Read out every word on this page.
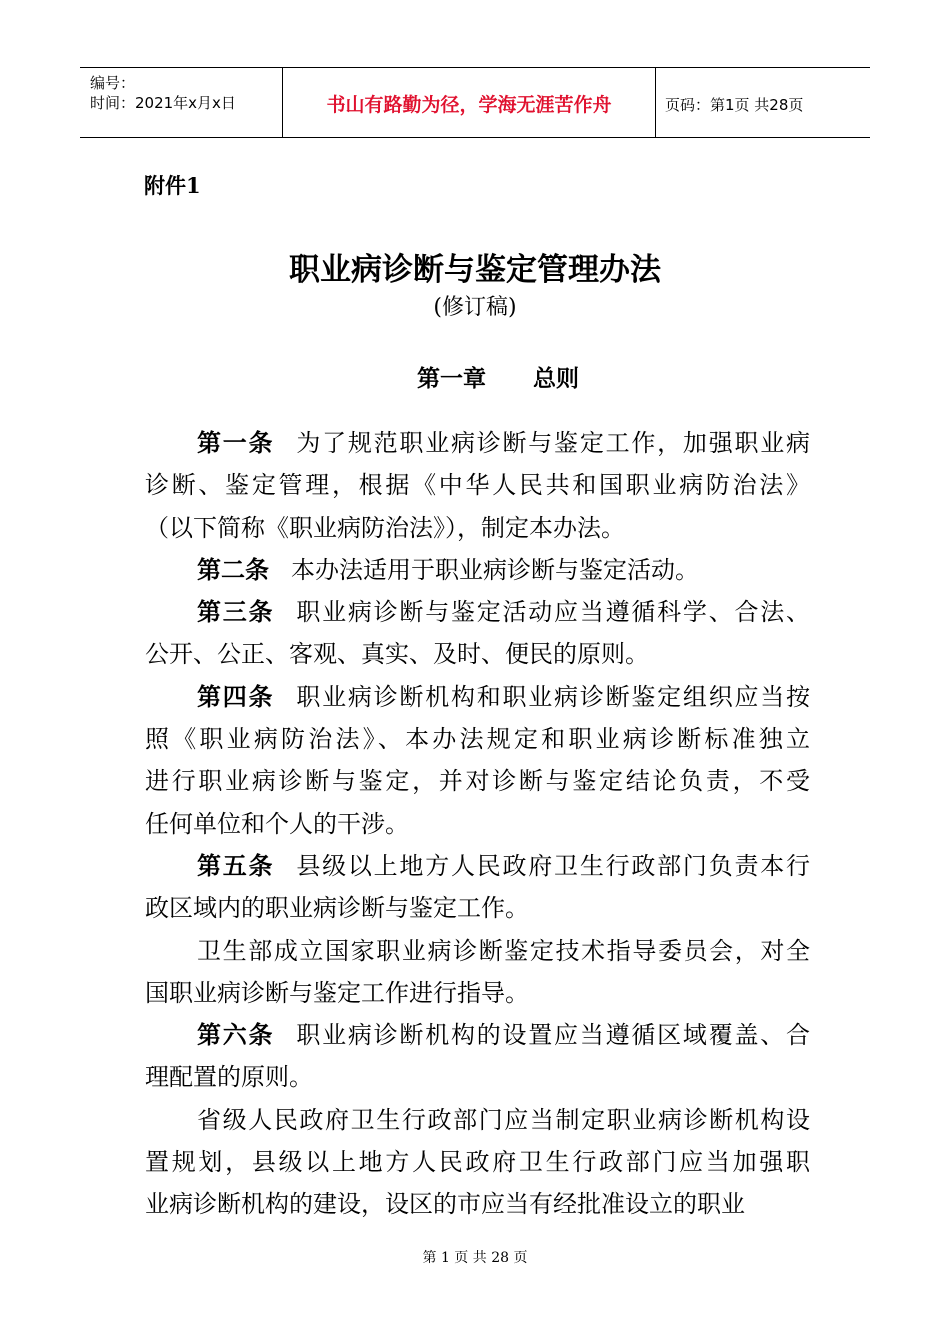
编号：
时间：2021年x月x日	书山有路勤为径，学海无涯苦作舟	页码：第1页 共28页
附件1
职业病诊断与鉴定管理办法
(修订稿)
第一章 总则
第一条 为了规范职业病诊断与鉴定工作，加强职业病
诊断、鉴定管理，根据《中华人民共和国职业病防治法》
（以下简称《职业病防治法》），制定本办法。
第二条 本办法适用于职业病诊断与鉴定活动。
第三条 职业病诊断与鉴定活动应当遵循科学、合法、
公开、公正、客观、真实、及时、便民的原则。
第四条 职业病诊断机构和职业病诊断鉴定组织应当按
照《职业病防治法》、本办法规定和职业病诊断标准独立
进行职业病诊断与鉴定，并对诊断与鉴定结论负责，不受
任何单位和个人的干涉。
第五条 县级以上地方人民政府卫生行政部门负责本行
政区域内的职业病诊断与鉴定工作。
卫生部成立国家职业病诊断鉴定技术指导委员会，对全
国职业病诊断与鉴定工作进行指导。
第六条 职业病诊断机构的设置应当遵循区域覆盖、合
理配置的原则。
省级人民政府卫生行政部门应当制定职业病诊断机构设
置规划，县级以上地方人民政府卫生行政部门应当加强职
业病诊断机构的建设，设区的市应当有经批准设立的职业
第 1 页 共 28 页
